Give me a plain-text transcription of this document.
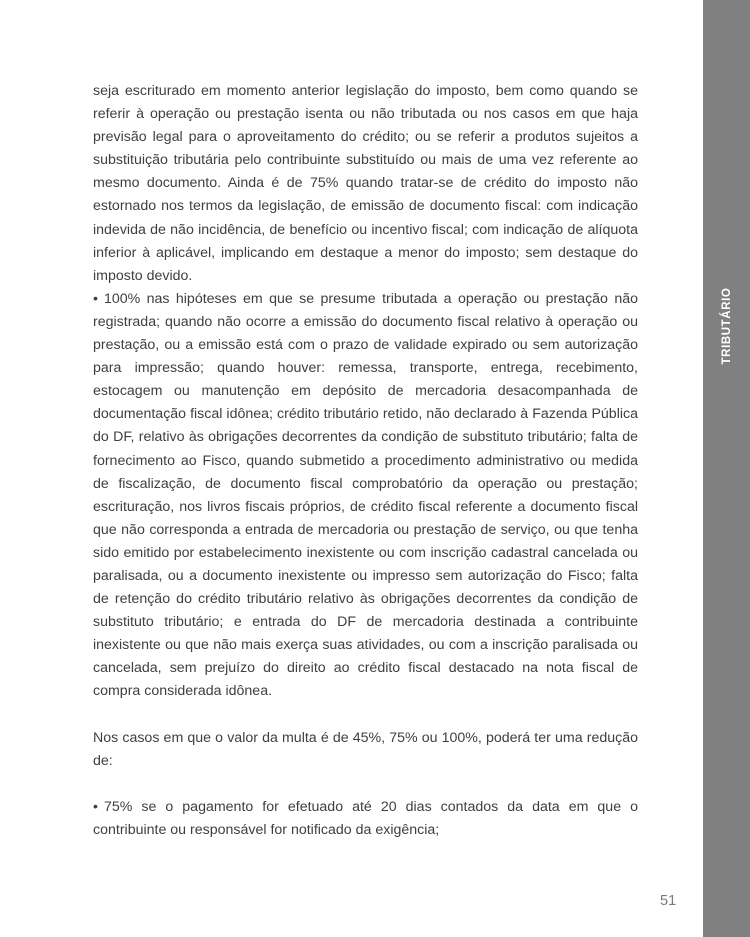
TRIBUTÁRIO

seja escriturado em momento anterior legislação do imposto, bem como quando se referir à operação ou prestação isenta ou não tributada ou nos casos em que haja previsão legal para o aproveitamento do crédito; ou se referir a produtos sujeitos a substituição tributária pelo contribuinte substituído ou mais de uma vez referente ao mesmo documento. Ainda é de 75% quando tratar-se de crédito do imposto não estornado nos termos da legislação, de emissão de documento fiscal: com indicação indevida de não incidência, de benefício ou incentivo fiscal; com indicação de alíquota inferior à aplicável, implicando em destaque a menor do imposto; sem destaque do imposto devido.

• 100% nas hipóteses em que se presume tributada a operação ou prestação não registrada; quando não ocorre a emissão do documento fiscal relativo à operação ou prestação, ou a emissão está com o prazo de validade expirado ou sem autorização para impressão; quando houver: remessa, transporte, entrega, recebimento, estocagem ou manutenção em depósito de mercadoria desacompanhada de documentação fiscal idônea; crédito tributário retido, não declarado à Fazenda Pública do DF, relativo às obrigações decorrentes da condição de substituto tributário; falta de fornecimento ao Fisco, quando submetido a procedimento administrativo ou medida de fiscalização, de documento fiscal comprobatório da operação ou prestação; escrituração, nos livros fiscais próprios, de crédito fiscal referente a documento fiscal que não corresponda a entrada de mercadoria ou prestação de serviço, ou que tenha sido emitido por estabelecimento inexistente ou com inscrição cadastral cancelada ou paralisada, ou a documento inexistente ou impresso sem autorização do Fisco; falta de retenção do crédito tributário relativo às obrigações decorrentes da condição de substituto tributário; e entrada do DF de mercadoria destinada a contribuinte inexistente ou que não mais exerça suas atividades, ou com a inscrição paralisada ou cancelada, sem prejuízo do direito ao crédito fiscal destacado na nota fiscal de compra considerada idônea.

Nos casos em que o valor da multa é de 45%, 75% ou 100%, poderá ter uma redução de:

• 75% se o pagamento for efetuado até 20 dias contados da data em que o contribuinte ou responsável for notificado da exigência;

51
